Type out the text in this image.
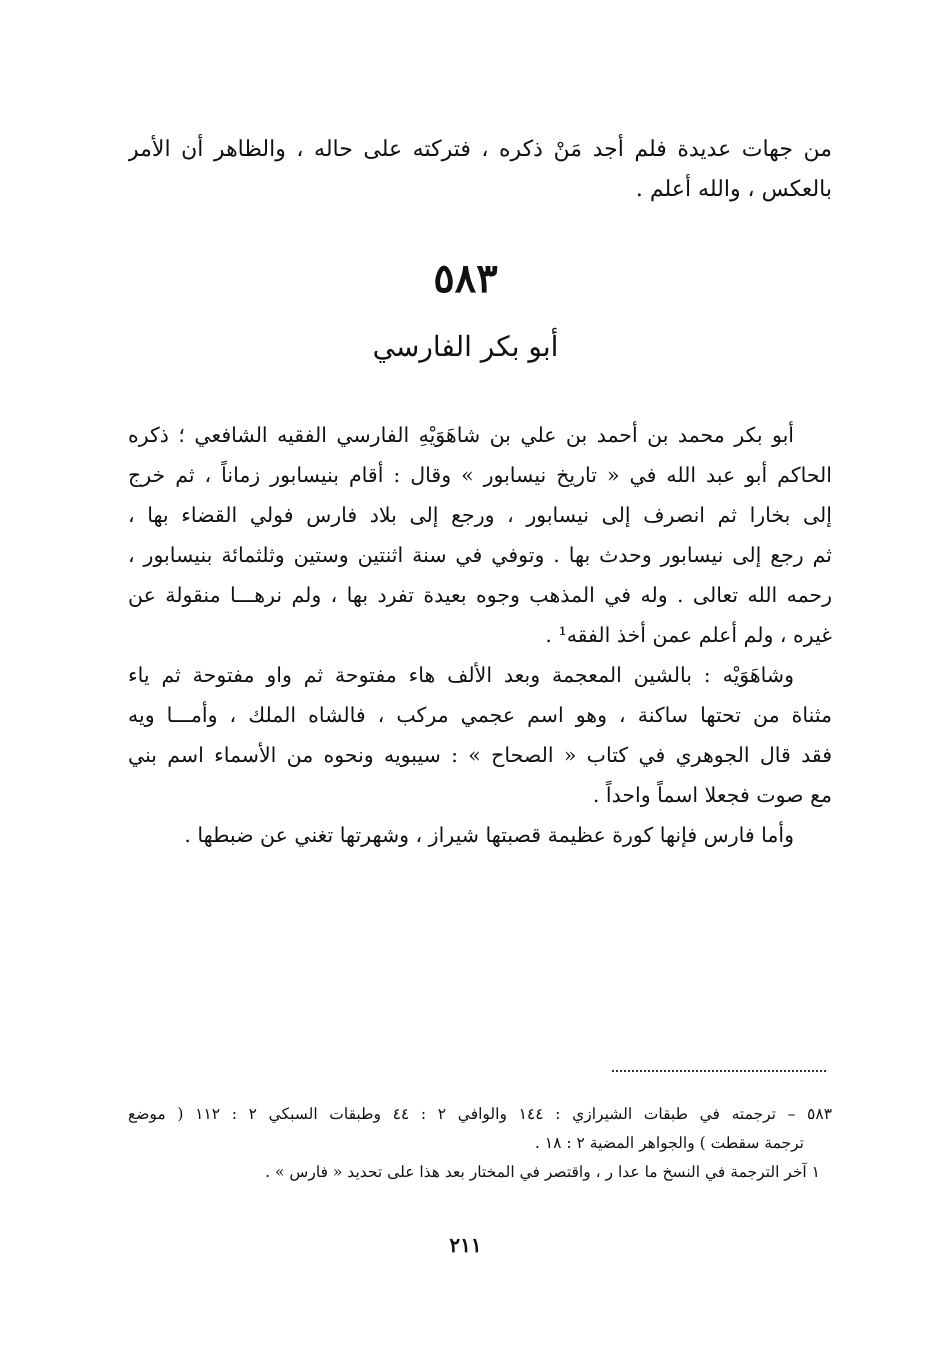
من جهات عديدة فلم أجد مَنْ ذكره ، فتركته على حاله ، والظاهر أن الأمر
بالعكس ، والله أعلم .
٥٨٣
أبو بكر الفارسي
أبو بكر محمد بن أحمد بن علي بن شاهَوَيْهِ الفارسي الفقيه الشافعي ؛ ذكره
الحاكم أبو عبد الله في « تاريخ نيسابور » وقال : أقام بنيسابور زماناً ، ثم خرج
إلى بخارا ثم انصرف إلى نيسابور ، ورجع إلى بلاد فارس فولي القضاء بها ،
ثم رجع إلى نيسابور وحدث بها . وتوفي في سنة اثنتين وستين وثلثمائة بنيسابور ،
رحمه الله تعالى . وله في المذهب وجوه بعيدة تفرد بها ، ولم نرهـــا منقولة عن
غيره ، ولم أعلم عمن أخذ الفقه¹ .
وشاهَوَيْه : بالشين المعجمة وبعد الألف هاء مفتوحة ثم واو مفتوحة ثم ياء
مثناة من تحتها ساكنة ، وهو اسم عجمي مركب ، فالشاه الملك ، وأمـــا ويه
فقد قال الجوهري في كتاب « الصحاح » : سيبويه ونحوه من الأسماء اسم بني
مع صوت فجعلا اسماً واحداً .
وأما فارس فإنها كورة عظيمة قصبتها شيراز ، وشهرتها تغني عن ضبطها .
٥٨٣ – ترجمته في طبقات الشيرازي : ١٤٤ والوافي ٢ : ٤٤ وطبقات السبكي ٢ : ١١٢ ( موضع
ترجمة سقطت ) والجواهر المضية ٢ : ١٨ .
١ آخر الترجمة في النسخ ما عدا ر ، واقتصر في المختار بعد هذا على تحديد « فارس » .
٢١١
